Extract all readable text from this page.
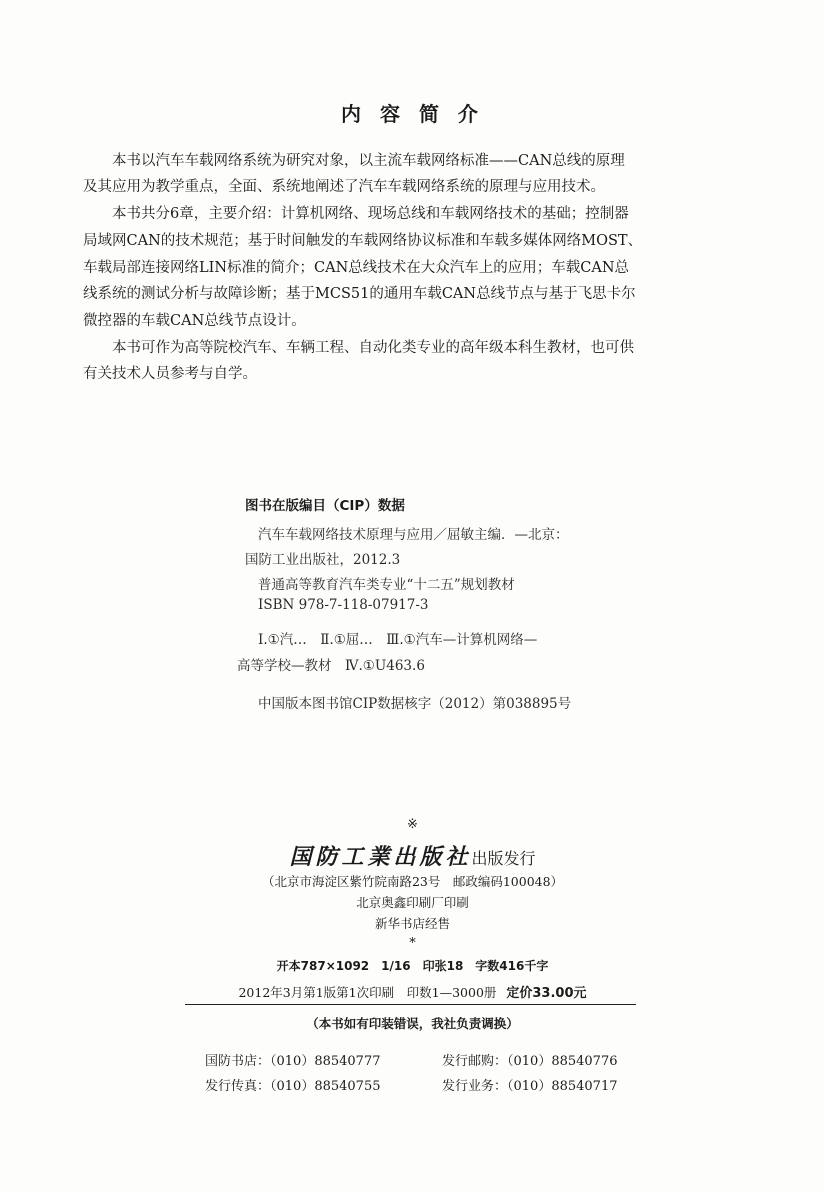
内 容 简 介
本书以汽车车载网络系统为研究对象，以主流车载网络标准——CAN总线的原理
及其应用为教学重点，全面、系统地阐述了汽车车载网络系统的原理与应用技术。
本书共分6章，主要介绍：计算机网络、现场总线和车载网络技术的基础；控制器
局域网CAN的技术规范；基于时间触发的车载网络协议标准和车载多媒体网络MOST、
车载局部连接网络LIN标准的简介；CAN总线技术在大众汽车上的应用；车载CAN总
线系统的测试分析与故障诊断；基于MCS51的通用车载CAN总线节点与基于飞思卡尔
微控器的车载CAN总线节点设计。
本书可作为高等院校汽车、车辆工程、自动化类专业的高年级本科生教材，也可供
有关技术人员参考与自学。
图书在版编目（CIP）数据
汽车车载网络技术原理与应用／屈敏主编．—北京：
国防工业出版社，2012.3
普通高等教育汽车类专业“十二五”规划教材
ISBN 978-7-118-07917-3
Ⅰ.①汽…　Ⅱ.①屈…　Ⅲ.①汽车—计算机网络—
高等学校—教材　Ⅳ.①U463.6
中国版本图书馆CIP数据核字（2012）第038895号
※
国防工業出版社出版发行
（北京市海淀区紫竹院南路23号　邮政编码100048）
北京奥鑫印刷厂印刷
新华书店经售
*
开本787×1092　1/16　印张18　字数416千字
2012年3月第1版第1次印刷　印数1—3000册 定价33.00元
（本书如有印装错误，我社负责调换）
国防书店：（010）88540777	发行邮购：（010）88540776
发行传真：（010）88540755	发行业务：（010）88540717
